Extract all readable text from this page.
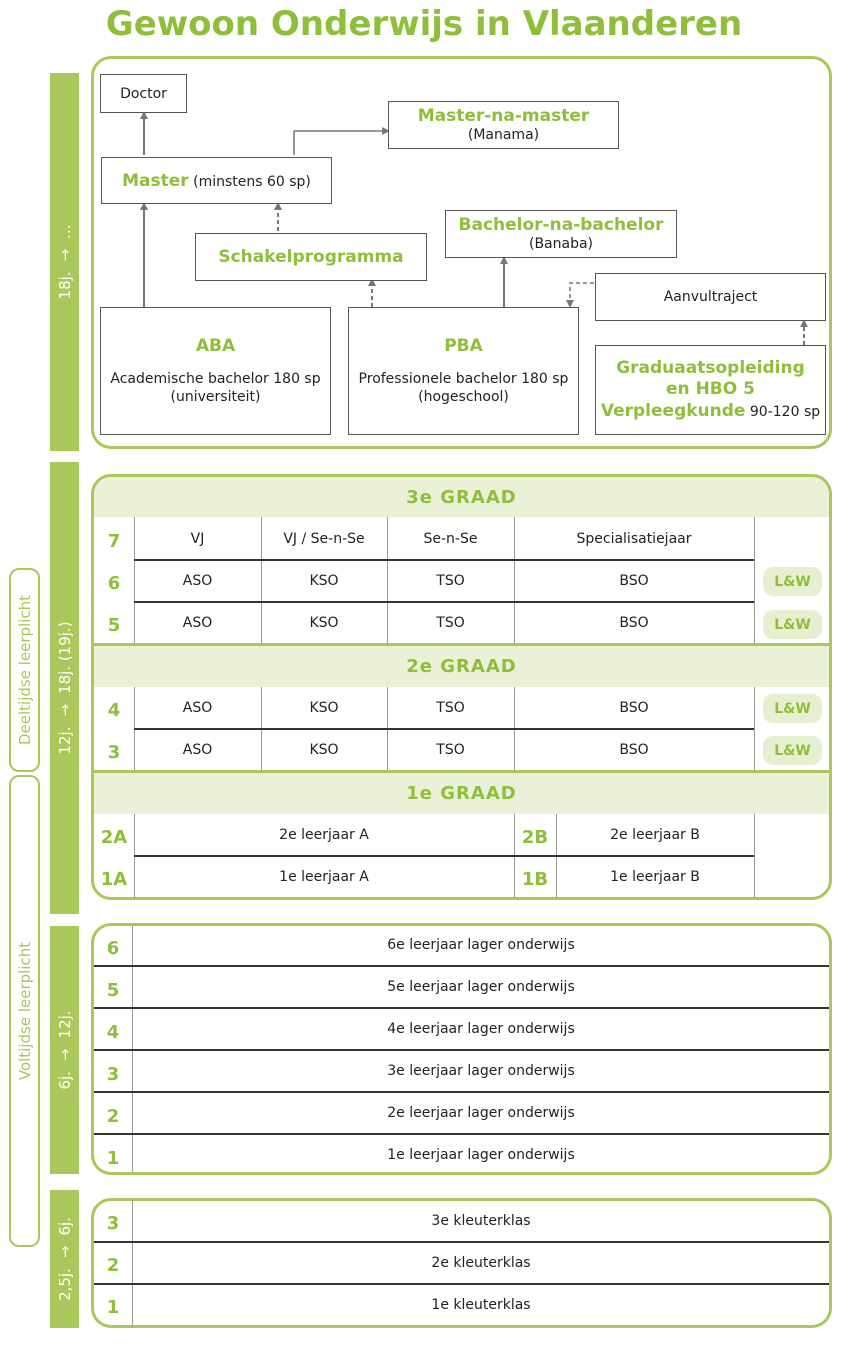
Gewoon Onderwijs in Vlaanderen
Deeltijdse leerplicht
Voltijdse leerplicht
18j.→...
12j.→18j. (19j.)
6j.→12j.
2,5j.→6j.
Doctor
Master-na-master
(Manama)
Master (minstens 60 sp)
Schakelprogramma
Bachelor-na-bachelor
(Banaba)
Aanvultraject
ABA
Academische bachelor 180 sp
(universiteit)
PBA
Professionele bachelor 180 sp
(hogeschool)
Graduaatsopleiding
en HBO 5
Verpleegkunde 90-120 sp
3e GRAAD
2e GRAAD
1e GRAAD
7	VJ	VJ / Se-n-Se	Se-n-Se	Specialisatiejaar
6	ASO	KSO	TSO	BSO	L&W
5	ASO	KSO	TSO	BSO	L&W
4	ASO	KSO	TSO	BSO	L&W
3	ASO	KSO	TSO	BSO	L&W
2A	2e leerjaar A	2B	2e leerjaar B
1A	1e leerjaar A	1B	1e leerjaar B
6	6e leerjaar lager onderwijs
5	5e leerjaar lager onderwijs
4	4e leerjaar lager onderwijs
3	3e leerjaar lager onderwijs
2	2e leerjaar lager onderwijs
1	1e leerjaar lager onderwijs
3	3e kleuterklas
2	2e kleuterklas
1	1e kleuterklas
